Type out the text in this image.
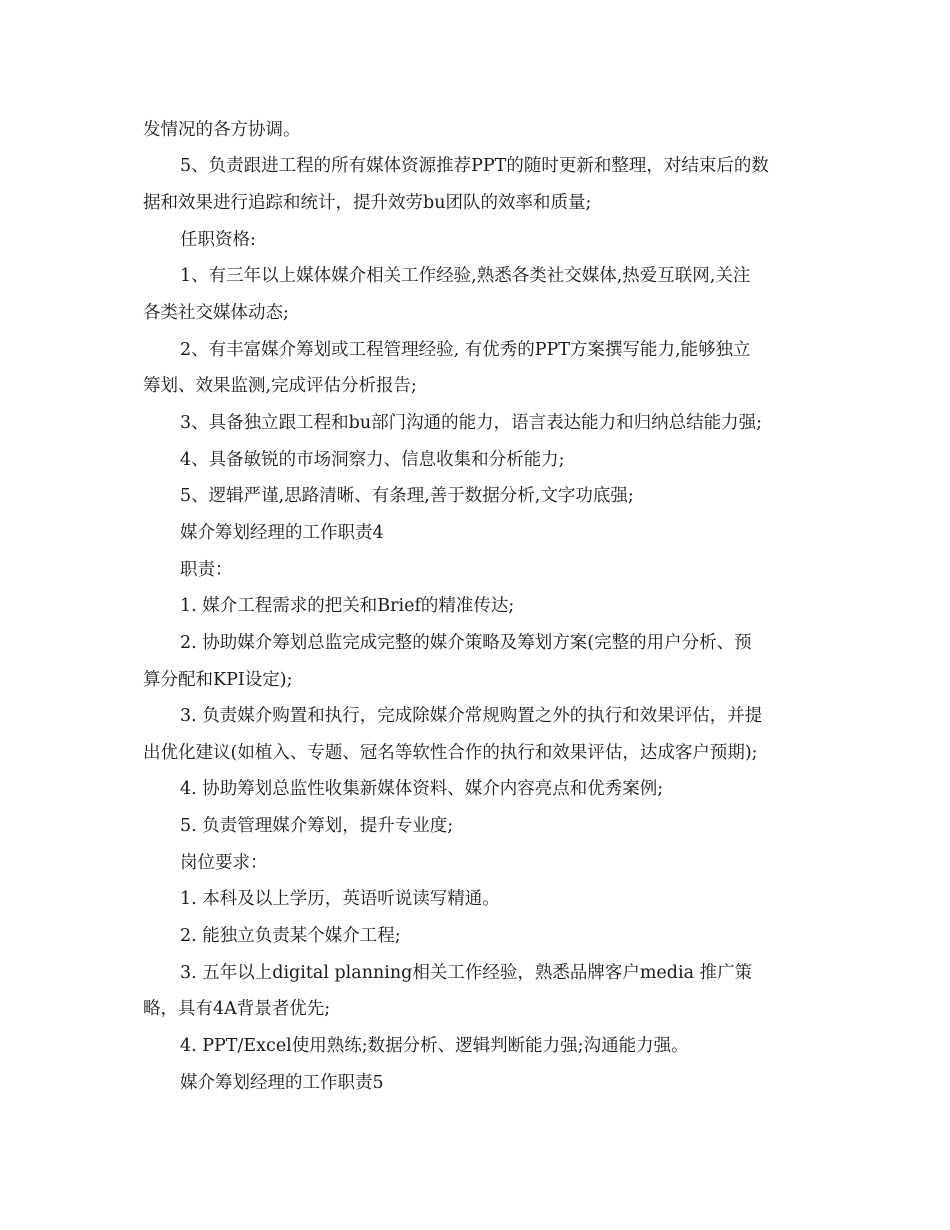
发情况的各方协调。

5、负责跟进工程的所有媒体资源推荐PPT的随时更新和整理，对结束后的数

据和效果进行追踪和统计，提升效劳bu团队的效率和质量;

任职资格:

1、有三年以上媒体媒介相关工作经验,熟悉各类社交媒体,热爱互联网,关注

各类社交媒体动态;

2、有丰富媒介筹划或工程管理经验, 有优秀的PPT方案撰写能力,能够独立

筹划、效果监测,完成评估分析报告;

3、具备独立跟工程和bu部门沟通的能力，语言表达能力和归纳总结能力强;

4、具备敏锐的市场洞察力、信息收集和分析能力;

5、逻辑严谨,思路清晰、有条理,善于数据分析,文字功底强;

媒介筹划经理的工作职责4

职责：

1. 媒介工程需求的把关和Brief的精准传达;

2. 协助媒介筹划总监完成完整的媒介策略及筹划方案(完整的用户分析、预

算分配和KPI设定);

3. 负责媒介购置和执行，完成除媒介常规购置之外的执行和效果评估，并提

出优化建议(如植入、专题、冠名等软性合作的执行和效果评估，达成客户预期);

4. 协助筹划总监性收集新媒体资料、媒介内容亮点和优秀案例;

5. 负责管理媒介筹划，提升专业度;

岗位要求：

1. 本科及以上学历，英语听说读写精通。

2. 能独立负责某个媒介工程;

3. 五年以上digital planning相关工作经验，熟悉品牌客户media 推广策

略，具有4A背景者优先;

4. PPT/Excel使用熟练;数据分析、逻辑判断能力强;沟通能力强。

媒介筹划经理的工作职责5
